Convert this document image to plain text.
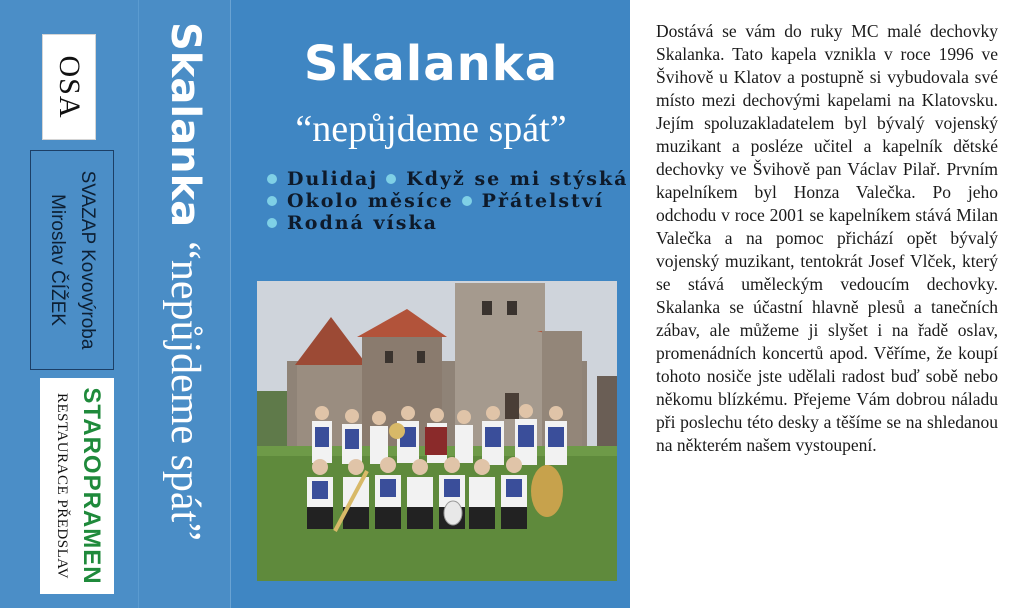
OSA
SVAZAP Kovovýroba
Miroslav ČÍŽEK
STAROPRAMEN
RESTAURACE PŘEDSLAV
Skalanka
“nepůjdeme spát”
Skalanka
“nepůjdeme spát”
Dulidaj Když se mi stýská
Okolo měsíce Přátelství
Rodná víska
Dostává se vám do ruky MC malé dechovky Skalanka. Tato kapela vznikla v roce 1996 ve Švihově u Klatov a postupně si vybudovala své místo mezi dechovými kapelami na Klatovsku. Jejím spoluzakladatelem byl bývalý vojenský muzikant a posléze učitel a kapelník dětské dechovky ve Švihově pan Václav Pilař. Prvním kapelníkem byl Honza Valečka. Po jeho odchodu v roce 2001 se kapelníkem stává Milan Valečka a na pomoc přichází opět bývalý vojenský muzikant, tentokrát Josef Vlček, který se stává uměleckým vedoucím dechovky. Skalanka se účastní hlavně plesů a tanečních zábav, ale můžeme ji slyšet i na řadě oslav, promenádních koncertů apod. Věříme, že koupí tohoto nosiče jste udělali radost buď sobě nebo někomu blízkému. Přejeme Vám dobrou náladu při poslechu této desky a těšíme se na shledanou na některém našem vystoupení.
